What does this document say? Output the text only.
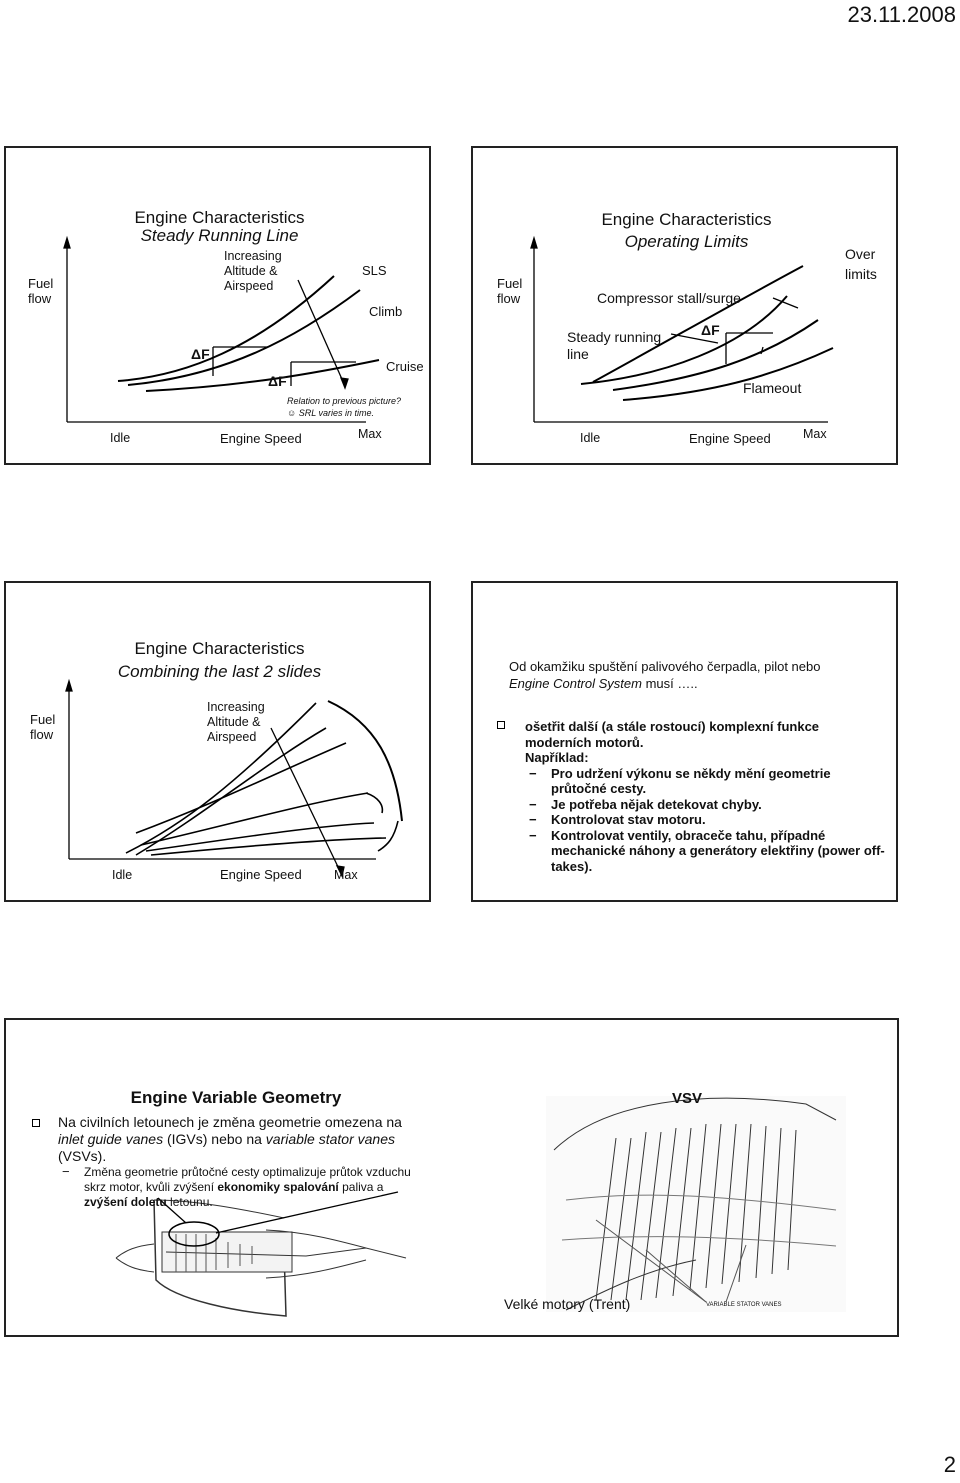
23.11.2008
Engine Characteristics
Steady Running Line
Fuel
flow
Increasing
Altitude &
Airspeed
SLS
Climb
Cruise
ΔF
ΔF
Relation to previous picture?
☺ SRL varies in time.
Idle	Engine Speed	Max
Engine Characteristics
Operating Limits
Fuel
flow
Over
limits
Compressor stall/surge
Steady running
line
ΔF
Flameout
Idle	Engine Speed	Max
Engine Characteristics
Combining the last 2 slides
Fuel
flow
Increasing
Altitude &
Airspeed
Idle	Engine Speed	Max
Od okamžiku spuštění palivového čerpadla, pilot nebo
Engine Control System musí …..
ošetřit další (a stále rostoucí) komplexní funkce moderních motorů.
Například:

− Pro udržení výkonu se někdy mění geometrie průtočné cesty.

− Je potřeba nějak detekovat chyby.

− Kontrolovat stav motoru.

− Kontrolovat ventily, obraceče tahu, případné mechanické náhony a generátory elektřiny (power off-takes).

Engine Variable Geometry
Na civilních letounech je změna geometrie omezena na inlet guide vanes (IGVs) nebo na variable stator vanes (VSVs).
− Změna geometrie průtočné cesty optimalizuje průtok vzduchu skrz motor, kvůli zvýšení ekonomiky spalování paliva a zvýšení doletu letounu.
VSV
Velké motory (Trent)	VARIABLE STATOR VANES
2
